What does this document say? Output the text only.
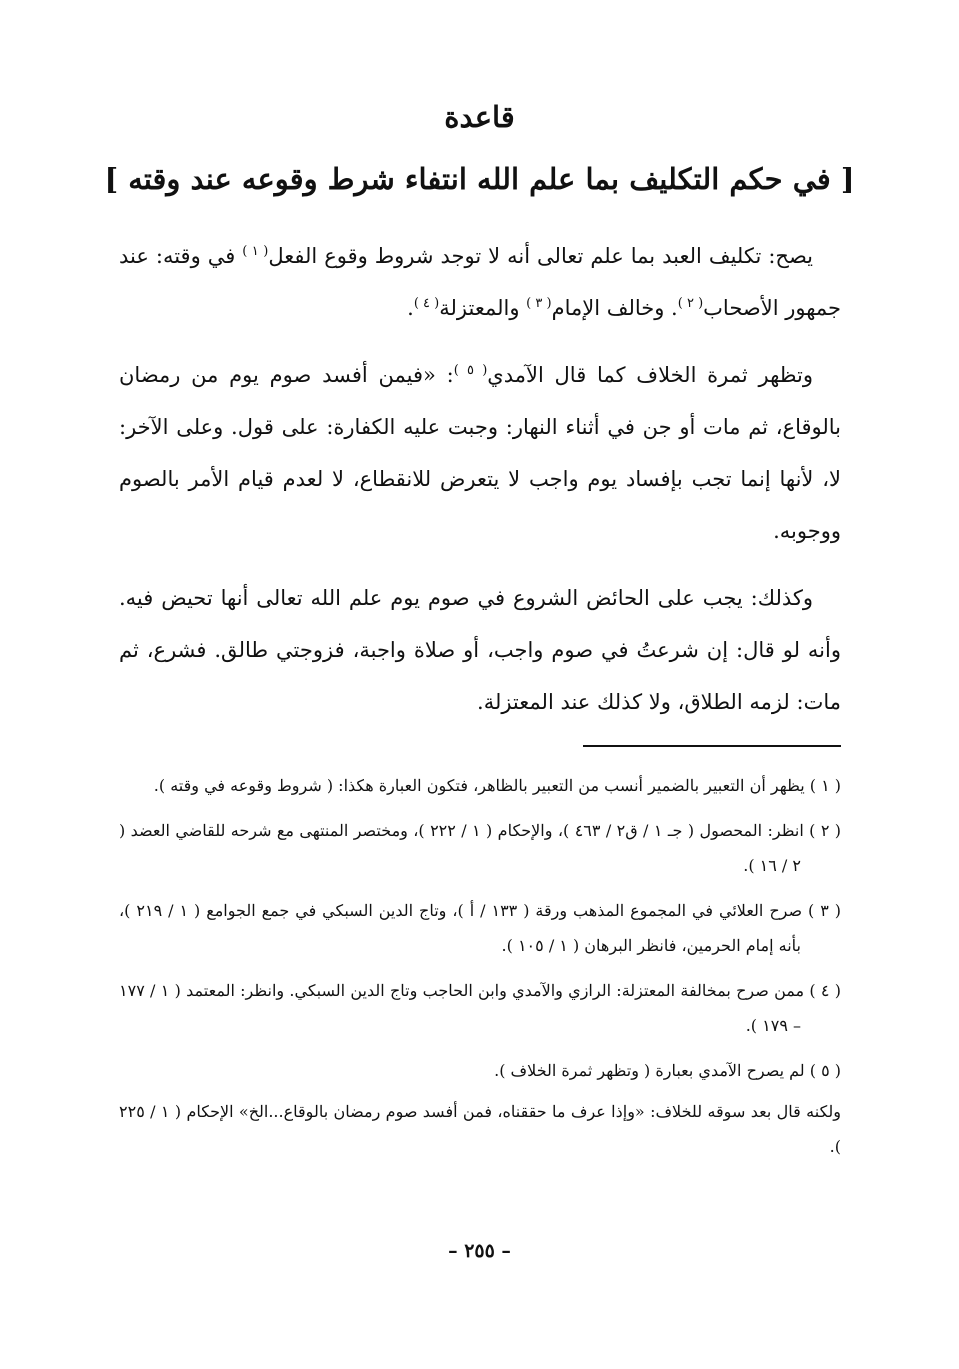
قاعدة
[ في حكم التكليف بما علم الله انتفاء شرط وقوعه عند وقته ]

يصح: تكليف العبد بما علم تعالى أنه لا توجد شروط وقوع الفعل$^{( ١ )}$ في وقته: عند جمهور الأصحاب$^{( ٢ )}$. وخالف الإمام$^{( ٣ )}$ والمعتزلة$^{( ٤ )}$.

وتظهر ثمرة الخلاف كما قال الآمدي$^{( ٥ )}$: «فيمن أفسد صوم يوم من رمضان بالوقاع، ثم مات أو جن في أثناء النهار: وجبت عليه الكفارة: على قول. وعلى الآخر: لا، لأنها إنما تجب بإفساد يوم واجب لا يتعرض للانقطاع، لا لعدم قيام الأمر بالصوم ووجوبه.

وكذلك: يجب على الحائض الشروع في صوم يوم علم الله تعالى أنها تحيض فيه. وأنه لو قال: إن شرعتُ في صوم واجب، أو صلاة واجبة، فزوجتي طالق. فشرع، ثم مات: لزمه الطلاق، ولا كذلك عند المعتزلة.

( ١ ) يظهر أن التعبير بالضمير أنسب من التعبير بالظاهر، فتكون العبارة هكذا: ( شروط وقوعه في وقته ).

( ٢ ) انظر: المحصول ( جـ ١ / ق٢ / ٤٦٣ )، والإحكام ( ١ / ٢٢٢ )، ومختصر المنتهى مع شرحه للقاضي العضد ( ٢ / ١٦ ).

( ٣ ) صرح العلائي في المجموع المذهب ورقة ( ١٣٣ / أ )، وتاج الدين السبكي في جمع الجوامع ( ١ / ٢١٩ )، بأنه إمام الحرمين، فانظر البرهان ( ١ / ١٠٥ ).

( ٤ ) ممن صرح بمخالفة المعتزلة: الرازي والآمدي وابن الحاجب وتاج الدين السبكي. وانظر: المعتمد ( ١ / ١٧٧ – ١٧٩ ).

( ٥ ) لم يصرح الآمدي بعبارة ( وتظهر ثمرة الخلاف ).

ولكنه قال بعد سوقه للخلاف: «وإذا عرف ما حققناه، فمن أفسد صوم رمضان بالوقاع...الخ» الإحكام ( ١ / ٢٢٥ ).

– ٢٥٥ –
